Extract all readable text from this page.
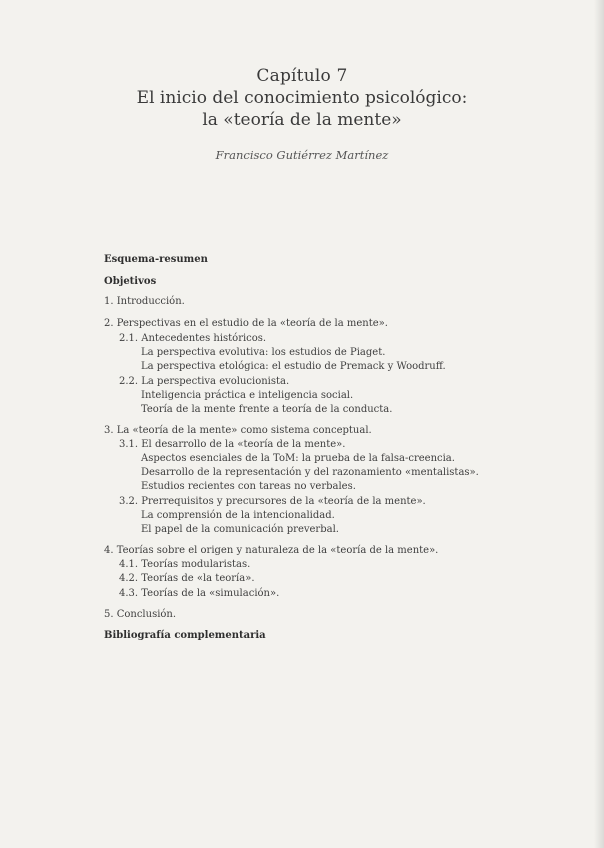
Capítulo 7
El inicio del conocimiento psicológico:
la «teoría de la mente»
Francisco Gutiérrez Martínez
Esquema-resumen
Objetivos
1. Introducción.
2. Perspectivas en el estudio de la «teoría de la mente».
2.1. Antecedentes históricos.
La perspectiva evolutiva: los estudios de Piaget.
La perspectiva etológica: el estudio de Premack y Woodruff.
2.2. La perspectiva evolucionista.
Inteligencia práctica e inteligencia social.
Teoría de la mente frente a teoría de la conducta.
3. La «teoría de la mente» como sistema conceptual.
3.1. El desarrollo de la «teoría de la mente».
Aspectos esenciales de la ToM: la prueba de la falsa-creencia.
Desarrollo de la representación y del razonamiento «mentalistas».
Estudios recientes con tareas no verbales.
3.2. Prerrequisitos y precursores de la «teoría de la mente».
La comprensión de la intencionalidad.
El papel de la comunicación preverbal.
4. Teorías sobre el origen y naturaleza de la «teoría de la mente».
4.1. Teorías modularistas.
4.2. Teorías de «la teoría».
4.3. Teorías de la «simulación».
5. Conclusión.
Bibliografía complementaria
